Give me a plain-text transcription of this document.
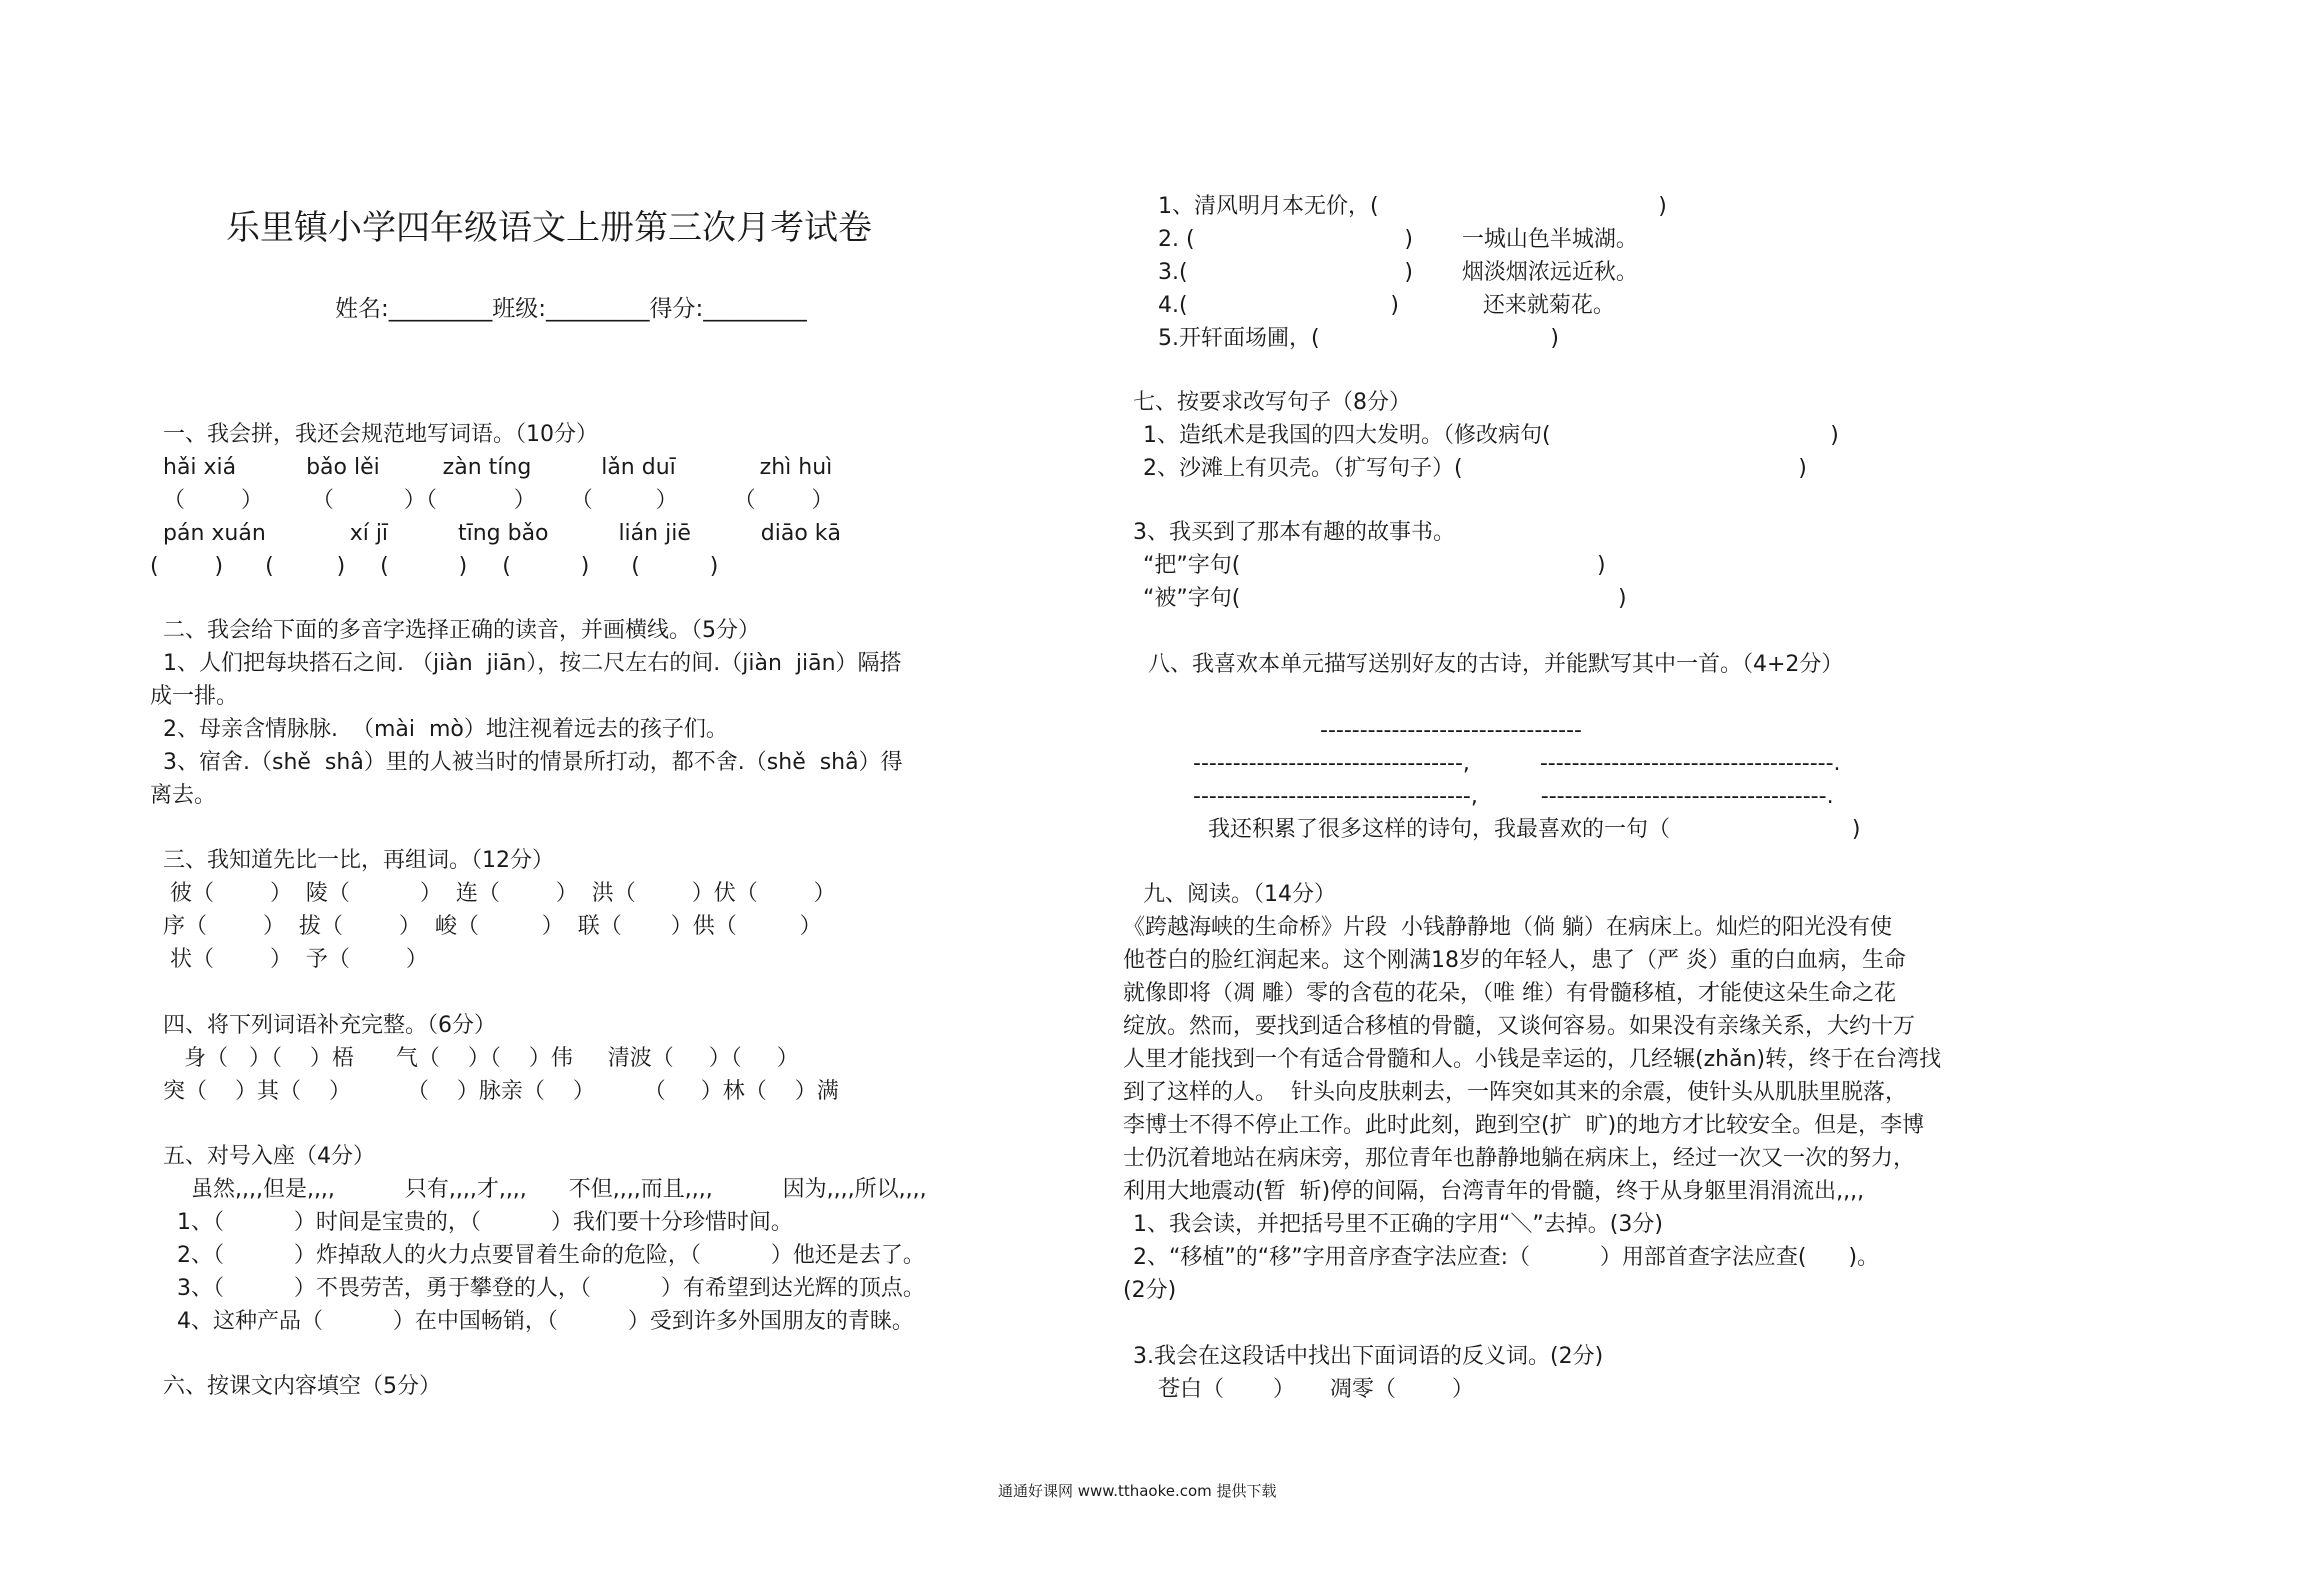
乐里镇小学四年级语文上册第三次月考试卷
姓名:_________班级:_________得分:_________
一、我会拼，我还会规范地写词语。（10分）
hǎi xiá          bǎo lěi         zàn tíng          lǎn duī            zhì huì
（        ）       （          ）（           ）     （         ）        （        ）
pán xuán            xí jī          tīng bǎo          lián jiē          diāo kā
(        )      (         )     (          )     (          )      (          )
二、我会给下面的多音字选择正确的读音，并画横线。（5分）
1、人们把每块搭石之间. （jiàn  jiān），按二尺左右的间.（jiàn  jiān）隔搭
成一排。
2、母亲含情脉脉.  （mài  mò）地注视着远去的孩子们。
3、宿舍.（shě  shâ）里的人被当时的情景所打动，都不舍.（shě  shâ）得
离去。
三、我知道先比一比，再组词。（12分）
彼（        ）  陵（          ）  连（        ）  洪（        ）伏（        ）
序（        ）  拔（        ）  峻（         ）  联（       ）供（         ）
状（        ）  予（        ）
四、将下列词语补充完整。（6分）
身（   ）（    ）梧      气（    ）（    ）伟     清波（     ）（     ）
突（    ）其（    ）        （    ）脉亲（    ）       （     ）林（    ）满
五、对号入座（4分）
虽然,,,,但是,,,,          只有,,,,才,,,,      不但,,,,而且,,,,          因为,,,,所以,,,,
1、（          ）时间是宝贵的，（          ）我们要十分珍惜时间。
2、（          ）炸掉敌人的火力点要冒着生命的危险，（          ）他还是去了。
3、（          ）不畏劳苦，勇于攀登的人，（          ）有希望到达光辉的顶点。
4、这种产品（          ）在中国畅销，（          ）受到许多外国朋友的青睐。
六、按课文内容填空（5分）
1、清风明月本无价，(                                        )
2. (                              )       一城山色半城湖。
3.(                               )       烟淡烟浓远近秋。
4.(                             )            还来就菊花。
5.开轩面场圃，(                                 )
七、按要求改写句子（8分）
1、造纸术是我国的四大发明。（修改病句(                                        )
2、沙滩上有贝壳。（扩写句子）(                                                )
3、我买到了那本有趣的故事书。
“把”字句(                                                   )
“被”字句(                                                      )
八、我喜欢本单元描写送别好友的古诗，并能默写其中一首。（4+2分）
---------------------------------
----------------------------------,          -------------------------------------.
-----------------------------------,         ------------------------------------.
我还积累了很多这样的诗句，我最喜欢的一句（                          )
九、阅读。（14分）
《跨越海峡的生命桥》片段  小钱静静地（倘 躺）在病床上。灿烂的阳光没有使
他苍白的脸红润起来。这个刚满18岁的年轻人，患了（严 炎）重的白血病，生命
就像即将（凋 雕）零的含苞的花朵，（唯 维）有骨髓移植，才能使这朵生命之花
绽放。然而，要找到适合移植的骨髓，又谈何容易。如果没有亲缘关系，大约十万
人里才能找到一个有适合骨髓和人。小钱是幸运的，几经辗(zhǎn)转，终于在台湾找
到了这样的人。  针头向皮肤刺去，一阵突如其来的余震，使针头从肌肤里脱落，
李博士不得不停止工作。此时此刻，跑到空(扩  旷)的地方才比较安全。但是，李博
士仍沉着地站在病床旁，那位青年也静静地躺在病床上，经过一次又一次的努力，
利用大地震动(暂  斩)停的间隔，台湾青年的骨髓，终于从身躯里涓涓流出,,,,
1、我会读，并把括号里不正确的字用“＼”去掉。(3分)
2、“移植”的“移”字用音序查字法应查:（          ）用部首查字法应查(      )。
(2分)
3.我会在这段话中找出下面词语的反义词。(2分)
苍白（       ）     凋零（        ）
通通好课网 www.tthaoke.com 提供下载
